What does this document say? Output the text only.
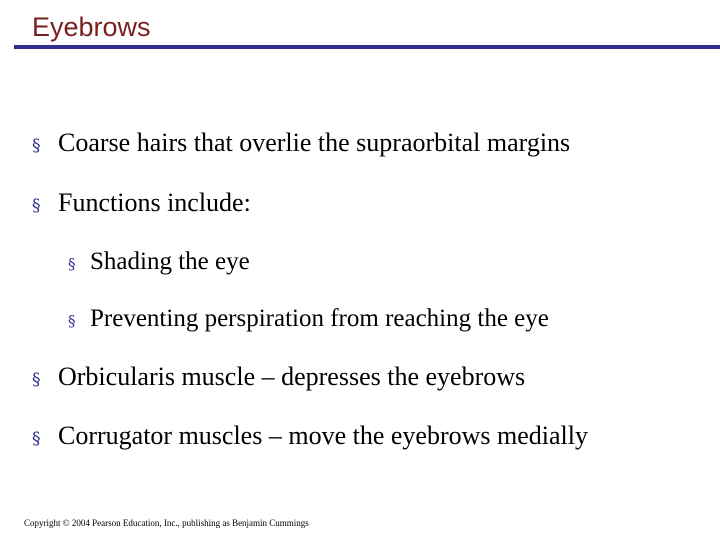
Eyebrows
§ Coarse hairs that overlie the supraorbital margins
§ Functions include:
§ Shading the eye
§ Preventing perspiration from reaching the eye
§ Orbicularis muscle – depresses the eyebrows
§ Corrugator muscles – move the eyebrows medially
Copyright © 2004 Pearson Education, Inc., publishing as Benjamin Cummings
